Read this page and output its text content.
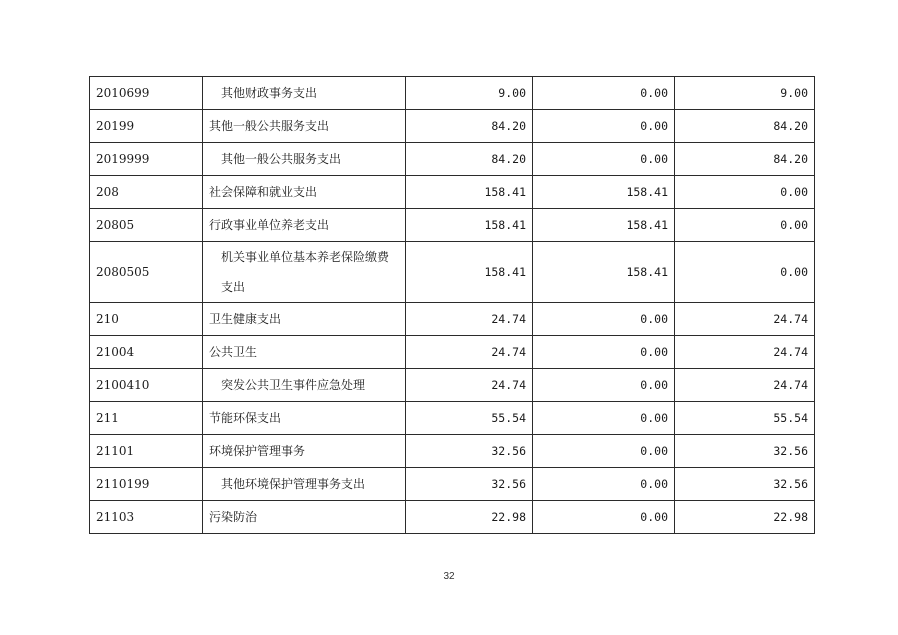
2010699	其他财政事务支出	9.00	0.00	9.00
20199	其他一般公共服务支出	84.20	0.00	84.20
2019999	其他一般公共服务支出	84.20	0.00	84.20
208	社会保障和就业支出	158.41	158.41	0.00
20805	行政事业单位养老支出	158.41	158.41	0.00
2080505	机关事业单位基本养老保险缴费支出	158.41	158.41	0.00
210	卫生健康支出	24.74	0.00	24.74
21004	公共卫生	24.74	0.00	24.74
2100410	突发公共卫生事件应急处理	24.74	0.00	24.74
211	节能环保支出	55.54	0.00	55.54
21101	环境保护管理事务	32.56	0.00	32.56
2110199	其他环境保护管理事务支出	32.56	0.00	32.56
21103	污染防治	22.98	0.00	22.98
32
